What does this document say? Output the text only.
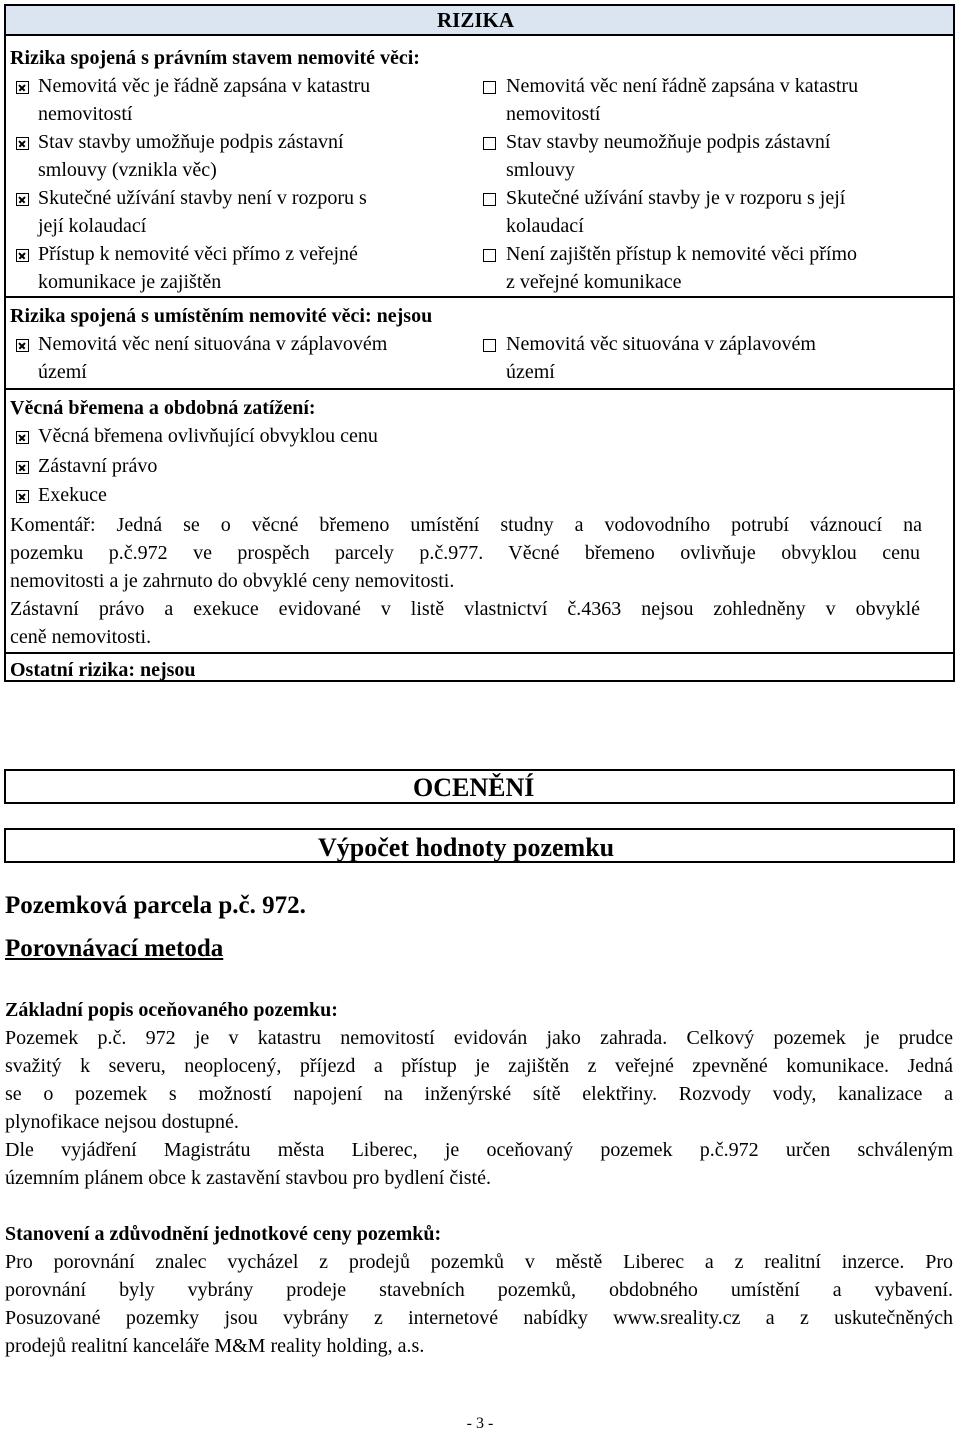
RIZIKA
Rizika spojená s právním stavem nemovité věci:
Nemovitá věc je řádně zapsána v katastru
nemovitostí
Nemovitá věc není řádně zapsána v katastru
nemovitostí
Stav stavby umožňuje podpis zástavní
smlouvy (vznikla věc)
Stav stavby neumožňuje podpis zástavní
smlouvy
Skutečné užívání stavby není v rozporu s
její kolaudací
Skutečné užívání stavby je v rozporu s její
kolaudací
Přístup k nemovité věci přímo z veřejné
komunikace je zajištěn
Není zajištěn přístup k nemovité věci přímo
z veřejné komunikace
Rizika spojená s umístěním nemovité věci: nejsou
Nemovitá věc není situována v záplavovém
území
Nemovitá věc situována v záplavovém
území
Věcná břemena a obdobná zatížení:
Věcná břemena ovlivňující obvyklou cenu
Zástavní právo
Exekuce
Komentář: Jedná se o věcné břemeno umístění studny a vodovodního potrubí váznoucí na
pozemku p.č.972 ve prospěch parcely p.č.977. Věcné břemeno ovlivňuje obvyklou cenu
nemovitosti a je zahrnuto do obvyklé ceny nemovitosti.
Zástavní právo a exekuce evidované v listě vlastnictví č.4363 nejsou zohledněny v obvyklé
ceně nemovitosti.
Ostatní rizika: nejsou
OCENĚNÍ
Výpočet hodnoty pozemku
Pozemková parcela p.č. 972.
Porovnávací metoda
Základní popis oceňovaného pozemku:
Pozemek p.č. 972 je v katastru nemovitostí evidován jako zahrada. Celkový pozemek je prudce
svažitý k severu, neoplocený, příjezd a přístup je zajištěn z veřejné zpevněné komunikace. Jedná
se o pozemek s možností napojení na inženýrské sítě elektřiny. Rozvody vody, kanalizace a
plynofikace nejsou dostupné.
Dle vyjádření Magistrátu města Liberec, je oceňovaný pozemek p.č.972 určen schváleným
územním plánem obce k zastavění stavbou pro bydlení čisté.
Stanovení a zdůvodnění jednotkové ceny pozemků:
Pro porovnání znalec vycházel z prodejů pozemků v městě Liberec a z realitní inzerce. Pro
porovnání byly vybrány prodeje stavebních pozemků, obdobného umístění a vybavení.
Posuzované pozemky jsou vybrány z internetové nabídky www.sreality.cz a z uskutečněných
prodejů realitní kanceláře M&M reality holding, a.s.
- 3 -
